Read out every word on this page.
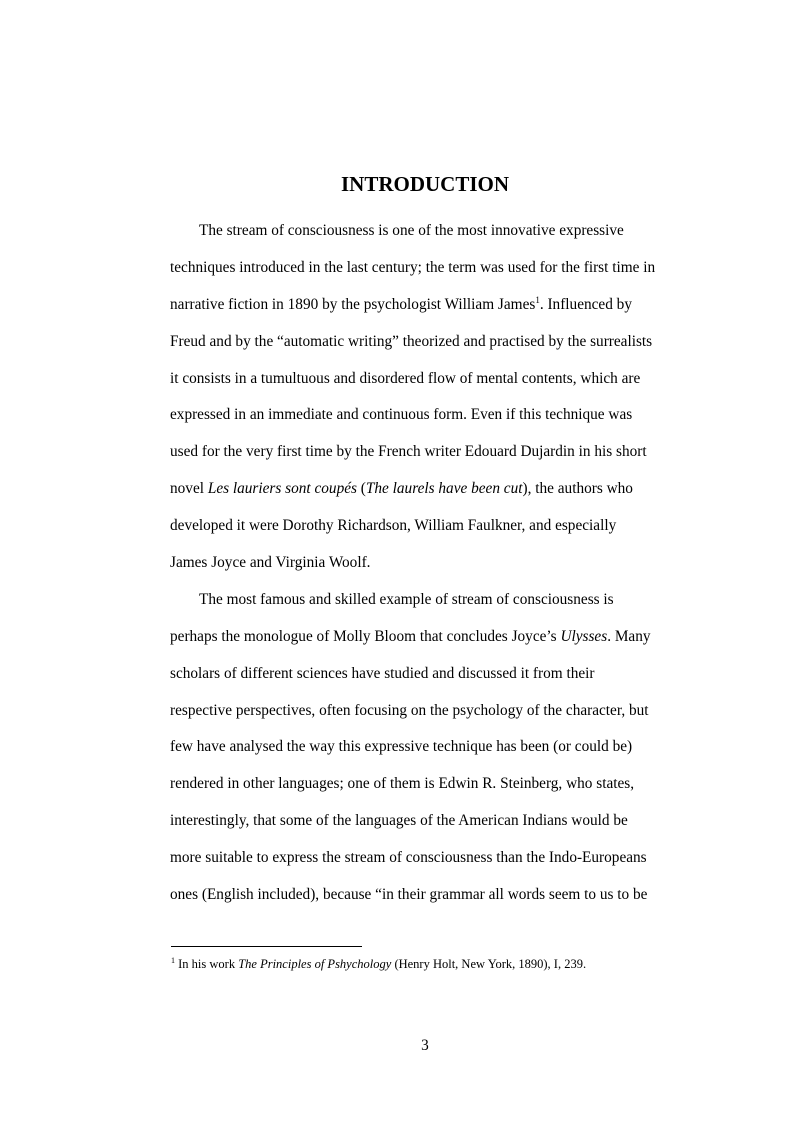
INTRODUCTION
The stream of consciousness is one of the most innovative expressive
techniques introduced in the last century; the term was used for the first time in
narrative fiction in 1890 by the psychologist William James$^1$. Influenced by
Freud and by the “automatic writing” theorized and practised by the surrealists
it consists in a tumultuous and disordered flow of mental contents, which are
expressed in an immediate and continuous form. Even if this technique was
used for the very first time by the French writer Edouard Dujardin in his short
novel Les lauriers sont coupés (The laurels have been cut), the authors who
developed it were Dorothy Richardson, William Faulkner, and especially
James Joyce and Virginia Woolf.
The most famous and skilled example of stream of consciousness is
perhaps the monologue of Molly Bloom that concludes Joyce’s Ulysses. Many
scholars of different sciences have studied and discussed it from their
respective perspectives, often focusing on the psychology of the character, but
few have analysed the way this expressive technique has been (or could be)
rendered in other languages; one of them is Edwin R. Steinberg, who states,
interestingly, that some of the languages of the American Indians would be
more suitable to express the stream of consciousness than the Indo-Europeans
ones (English included), because “in their grammar all words seem to us to be
$^1$ In his work The Principles of Pshychology (Henry Holt, New York, 1890), I, 239.
3
